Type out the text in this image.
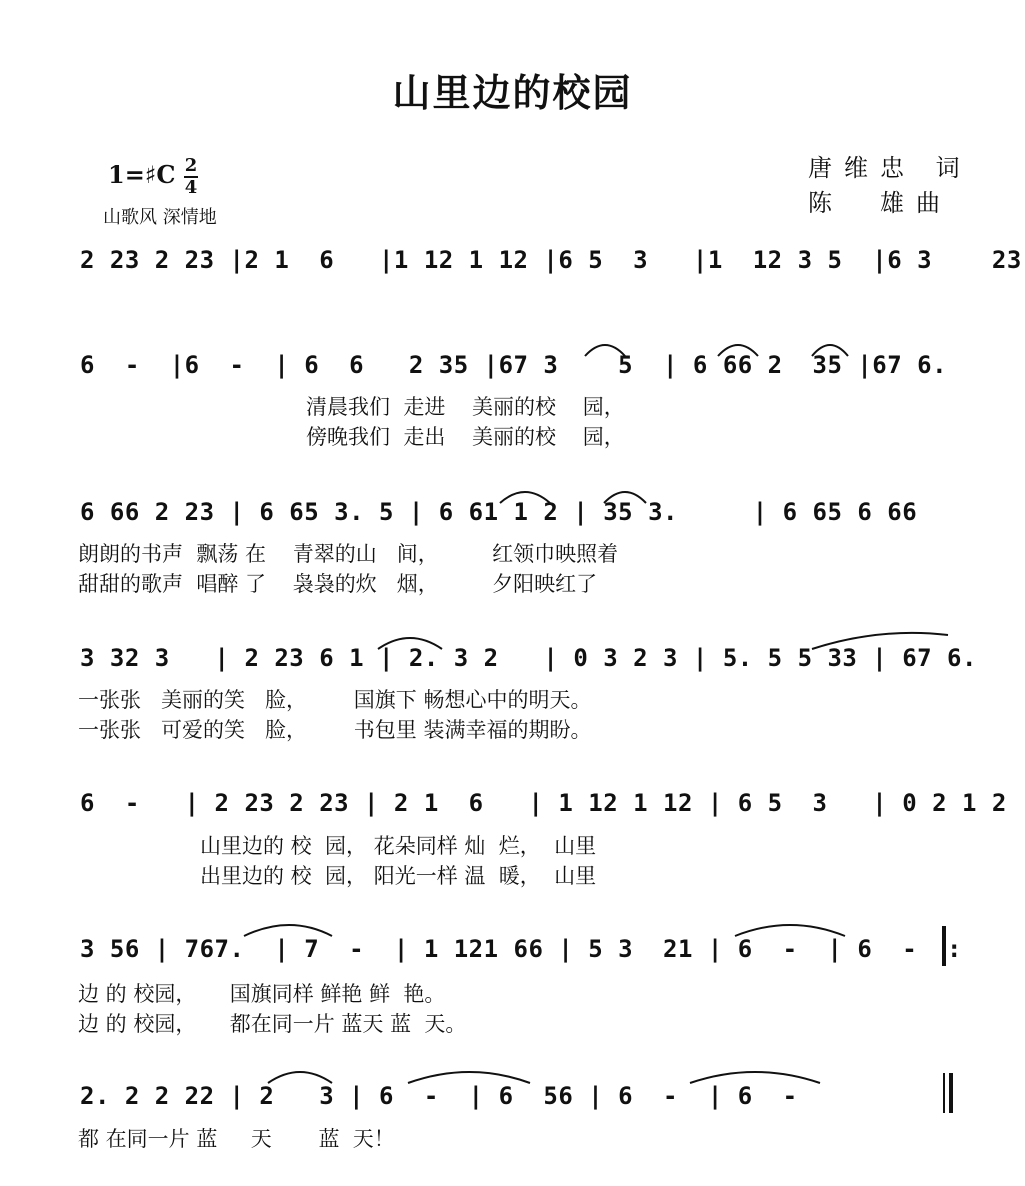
山里边的校园
唐维忠 词
陈　雄曲
1=♯C 2
4
山歌风 深情地
2 23 2 23 |2 1  6   |1 12 1 12 |6 5  3   |1  12 3 5  |6 3    23
6  -  |6  -  | 6  6   2 35 |67 3    5  | 6 66 2  35 |67 6.
清晨我们  走进    美丽的校    园，
傍晚我们  走出    美丽的校    园，
6 66 2 23 | 6 65 3. 5 | 6 61 1 2 | 35 3.     | 6 65 6 66
朗朗的书声  飘荡 在    青翠的山   间，        红领巾映照着
甜甜的歌声  唱醉 了    袅袅的炊   烟，        夕阳映红了
3 32 3   | 2 23 6 1 | 2. 3 2   | 0 3 2 3 | 5. 5 5 33 | 67 6.
一张张   美丽的笑   脸，       国旗下 畅想心中的明天。
一张张   可爱的笑   脸，       书包里 装满幸福的期盼。
6  -   | 2 23 2 23 | 2 1  6   | 1 12 1 12 | 6 5  3   | 0 2 1 2
山里边的 校  园， 花朵同样 灿  烂，  山里
出里边的 校  园， 阳光一样 温  暖，  山里
3 56 | 767.  | 7  -  | 1 121 66 | 5 3  21 | 6  -  | 6  -  :
边 的 校园，     国旗同样 鲜艳 鲜  艳。
边 的 校园，     都在同一片 蓝天 蓝  天。
2. 2 2 22 | 2   3 | 6  -  | 6  56 | 6  -  | 6  -
都 在同一片 蓝     天       蓝  天！
